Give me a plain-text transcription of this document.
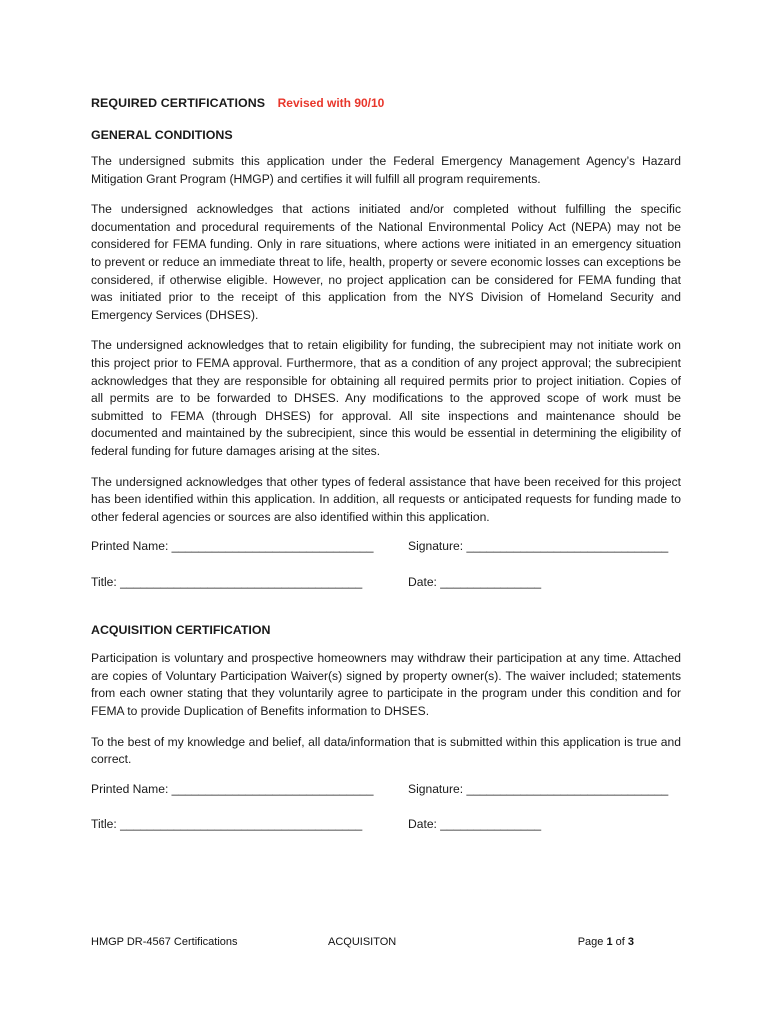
REQUIRED CERTIFICATIONS Revised with 90/10
GENERAL CONDITIONS

The undersigned submits this application under the Federal Emergency Management Agency’s Hazard Mitigation Grant Program (HMGP) and certifies it will fulfill all program requirements.

The undersigned acknowledges that actions initiated and/or completed without fulfilling the specific documentation and procedural requirements of the National Environmental Policy Act (NEPA) may not be considered for FEMA funding. Only in rare situations, where actions were initiated in an emergency situation to prevent or reduce an immediate threat to life, health, property or severe economic losses can exceptions be considered, if otherwise eligible. However, no project application can be considered for FEMA funding that was initiated prior to the receipt of this application from the NYS Division of Homeland Security and Emergency Services (DHSES).

The undersigned acknowledges that to retain eligibility for funding, the subrecipient may not initiate work on this project prior to FEMA approval. Furthermore, that as a condition of any project approval; the subrecipient acknowledges that they are responsible for obtaining all required permits prior to project initiation. Copies of all permits are to be forwarded to DHSES. Any modifications to the approved scope of work must be submitted to FEMA (through DHSES) for approval. All site inspections and maintenance should be documented and maintained by the subrecipient, since this would be essential in determining the eligibility of federal funding for future damages arising at the sites.

The undersigned acknowledges that other types of federal assistance that have been received for this project has been identified within this application. In addition, all requests or anticipated requests for funding made to other federal agencies or sources are also identified within this application.

Printed Name: ______________________________	Signature: ______________________________
Title: ____________________________________	Date: _______________
ACQUISITION CERTIFICATION

Participation is voluntary and prospective homeowners may withdraw their participation at any time. Attached are copies of Voluntary Participation Waiver(s) signed by property owner(s). The waiver included; statements from each owner stating that they voluntarily agree to participate in the program under this condition and for FEMA to provide Duplication of Benefits information to DHSES.

To the best of my knowledge and belief, all data/information that is submitted within this application is true and correct.

Printed Name: ______________________________	Signature: ______________________________
Title: ____________________________________	Date: _______________
HMGP DR-4567 Certifications	ACQUISITON	Page 1 of 3
